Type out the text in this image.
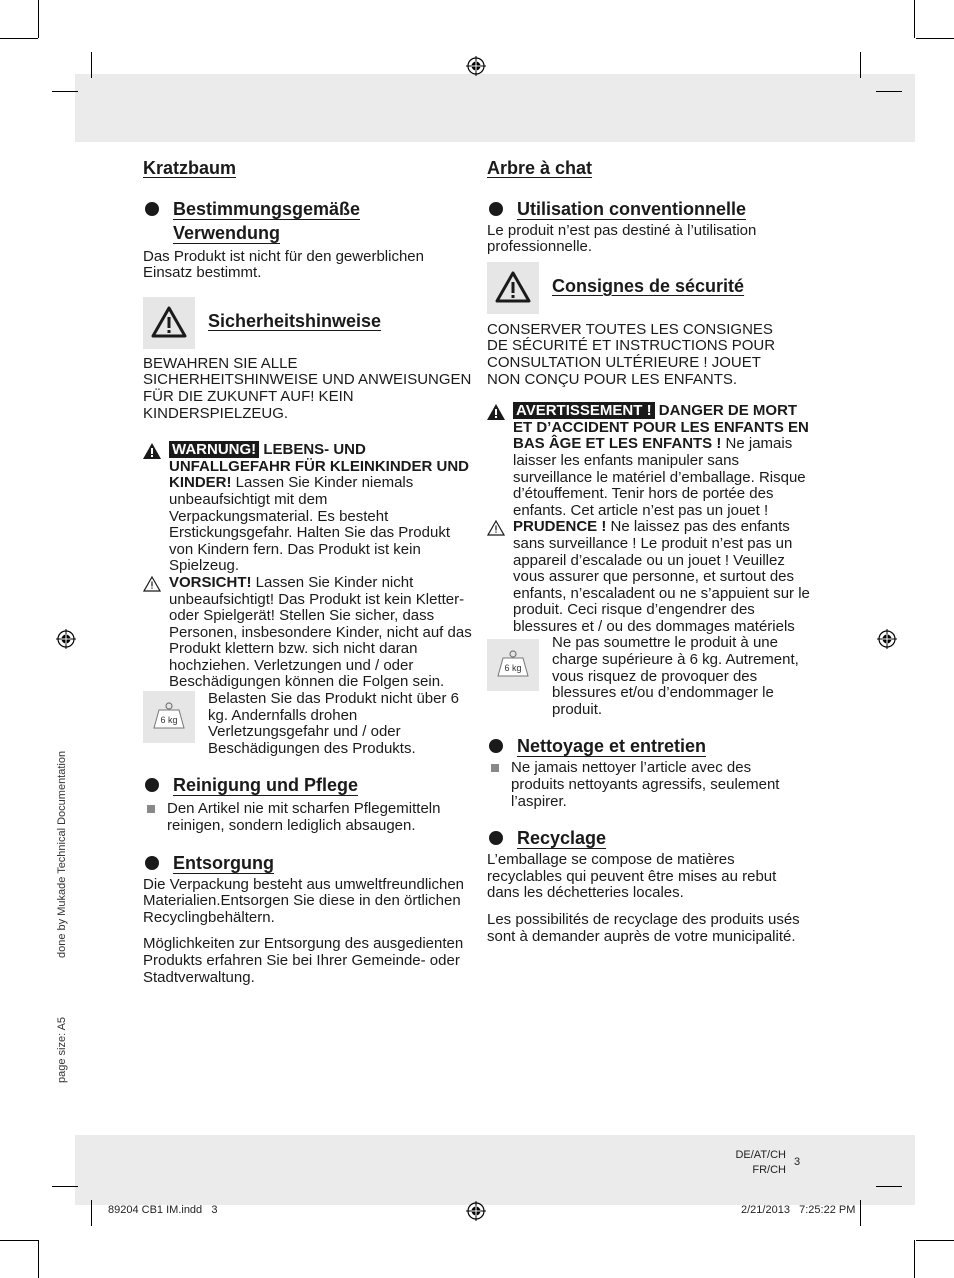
done by Mukade Technical Documentation
page size: A5
Kratzbaum
Bestimmungsgemäße
Verwendung

Das Produkt ist nicht für den gewerblichen Einsatz bestimmt.

Sicherheitshinweise

BEWAHREN SIE ALLE SICHERHEITSHINWEISE UND ANWEISUNGEN FÜR DIE ZUKUNFT AUF! KEIN KINDERSPIELZEUG.

WARNUNG! LEBENS- UND UNFALLGEFAHR FÜR KLEINKINDER UND KINDER! Lassen Sie Kinder niemals unbeaufsichtigt mit dem Verpackungsmaterial. Es besteht Erstickungsgefahr. Halten Sie das Produkt von Kindern fern. Das Produkt ist kein Spielzeug.
VORSICHT! Lassen Sie Kinder nicht unbeaufsichtigt! Das Produkt ist kein Kletter- oder Spielgerät! Stellen Sie sicher, dass Personen, insbesondere Kinder, nicht auf das Produkt klettern bzw. sich nicht daran hochziehen. Verletzungen und / oder Beschädigungen können die Folgen sein.
6 kg

Belasten Sie das Produkt nicht über 6 kg. Andernfalls drohen Verletzungsgefahr und / oder Beschädigungen des Produkts.

Reinigung und Pflege
Den Artikel nie mit scharfen Pflegemitteln reinigen, sondern lediglich absaugen.
Entsorgung

Die Verpackung besteht aus umweltfreundlichen Materialien.Entsorgen Sie diese in den örtlichen Recyclingbehältern.

Möglichkeiten zur Entsorgung des ausgedienten Produkts erfahren Sie bei Ihrer Gemeinde- oder Stadtverwaltung.

Arbre à chat
Utilisation conventionnelle

Le produit n’est pas destiné à l’utilisation professionnelle.

Consignes de sécurité

CONSERVER TOUTES LES CONSIGNES DE SÉCURITÉ ET INSTRUCTIONS POUR CONSULTATION ULTÉRIEURE ! JOUET NON CONÇU POUR LES ENFANTS.

AVERTISSEMENT ! DANGER DE MORT ET D’ACCIDENT POUR LES ENFANTS EN BAS ÂGE ET LES ENFANTS ! Ne jamais laisser les enfants manipuler sans surveillance le matériel d’emballage. Risque d’étouffement. Tenir hors de portée des enfants. Cet article n’est pas un jouet !
PRUDENCE ! Ne laissez pas des enfants sans surveillance ! Le produit n’est pas un appareil d’escalade ou un jouet ! Veuillez vous assurer que personne, et surtout des enfants, n’escaladent ou ne s’appuient sur le produit. Ceci risque d’engendrer des blessures et / ou des dommages matériels
6 kg

Ne pas soumettre le produit à une charge supérieure à 6 kg. Autrement, vous risquez de provoquer des blessures et/ou d’endommager le produit.

Nettoyage et entretien
Ne jamais nettoyer l’article avec des produits nettoyants agressifs, seulement l’aspirer.
Recyclage

L’emballage se compose de matières recyclables qui peuvent être mises au rebut dans les déchetteries locales.

Les possibilités de recyclage des produits usés sont à demander auprès de votre municipalité.

DE/AT/CH
FR/CH
3
89204 CB1 IM.indd   3	2/21/2013   7:25:22 PM
